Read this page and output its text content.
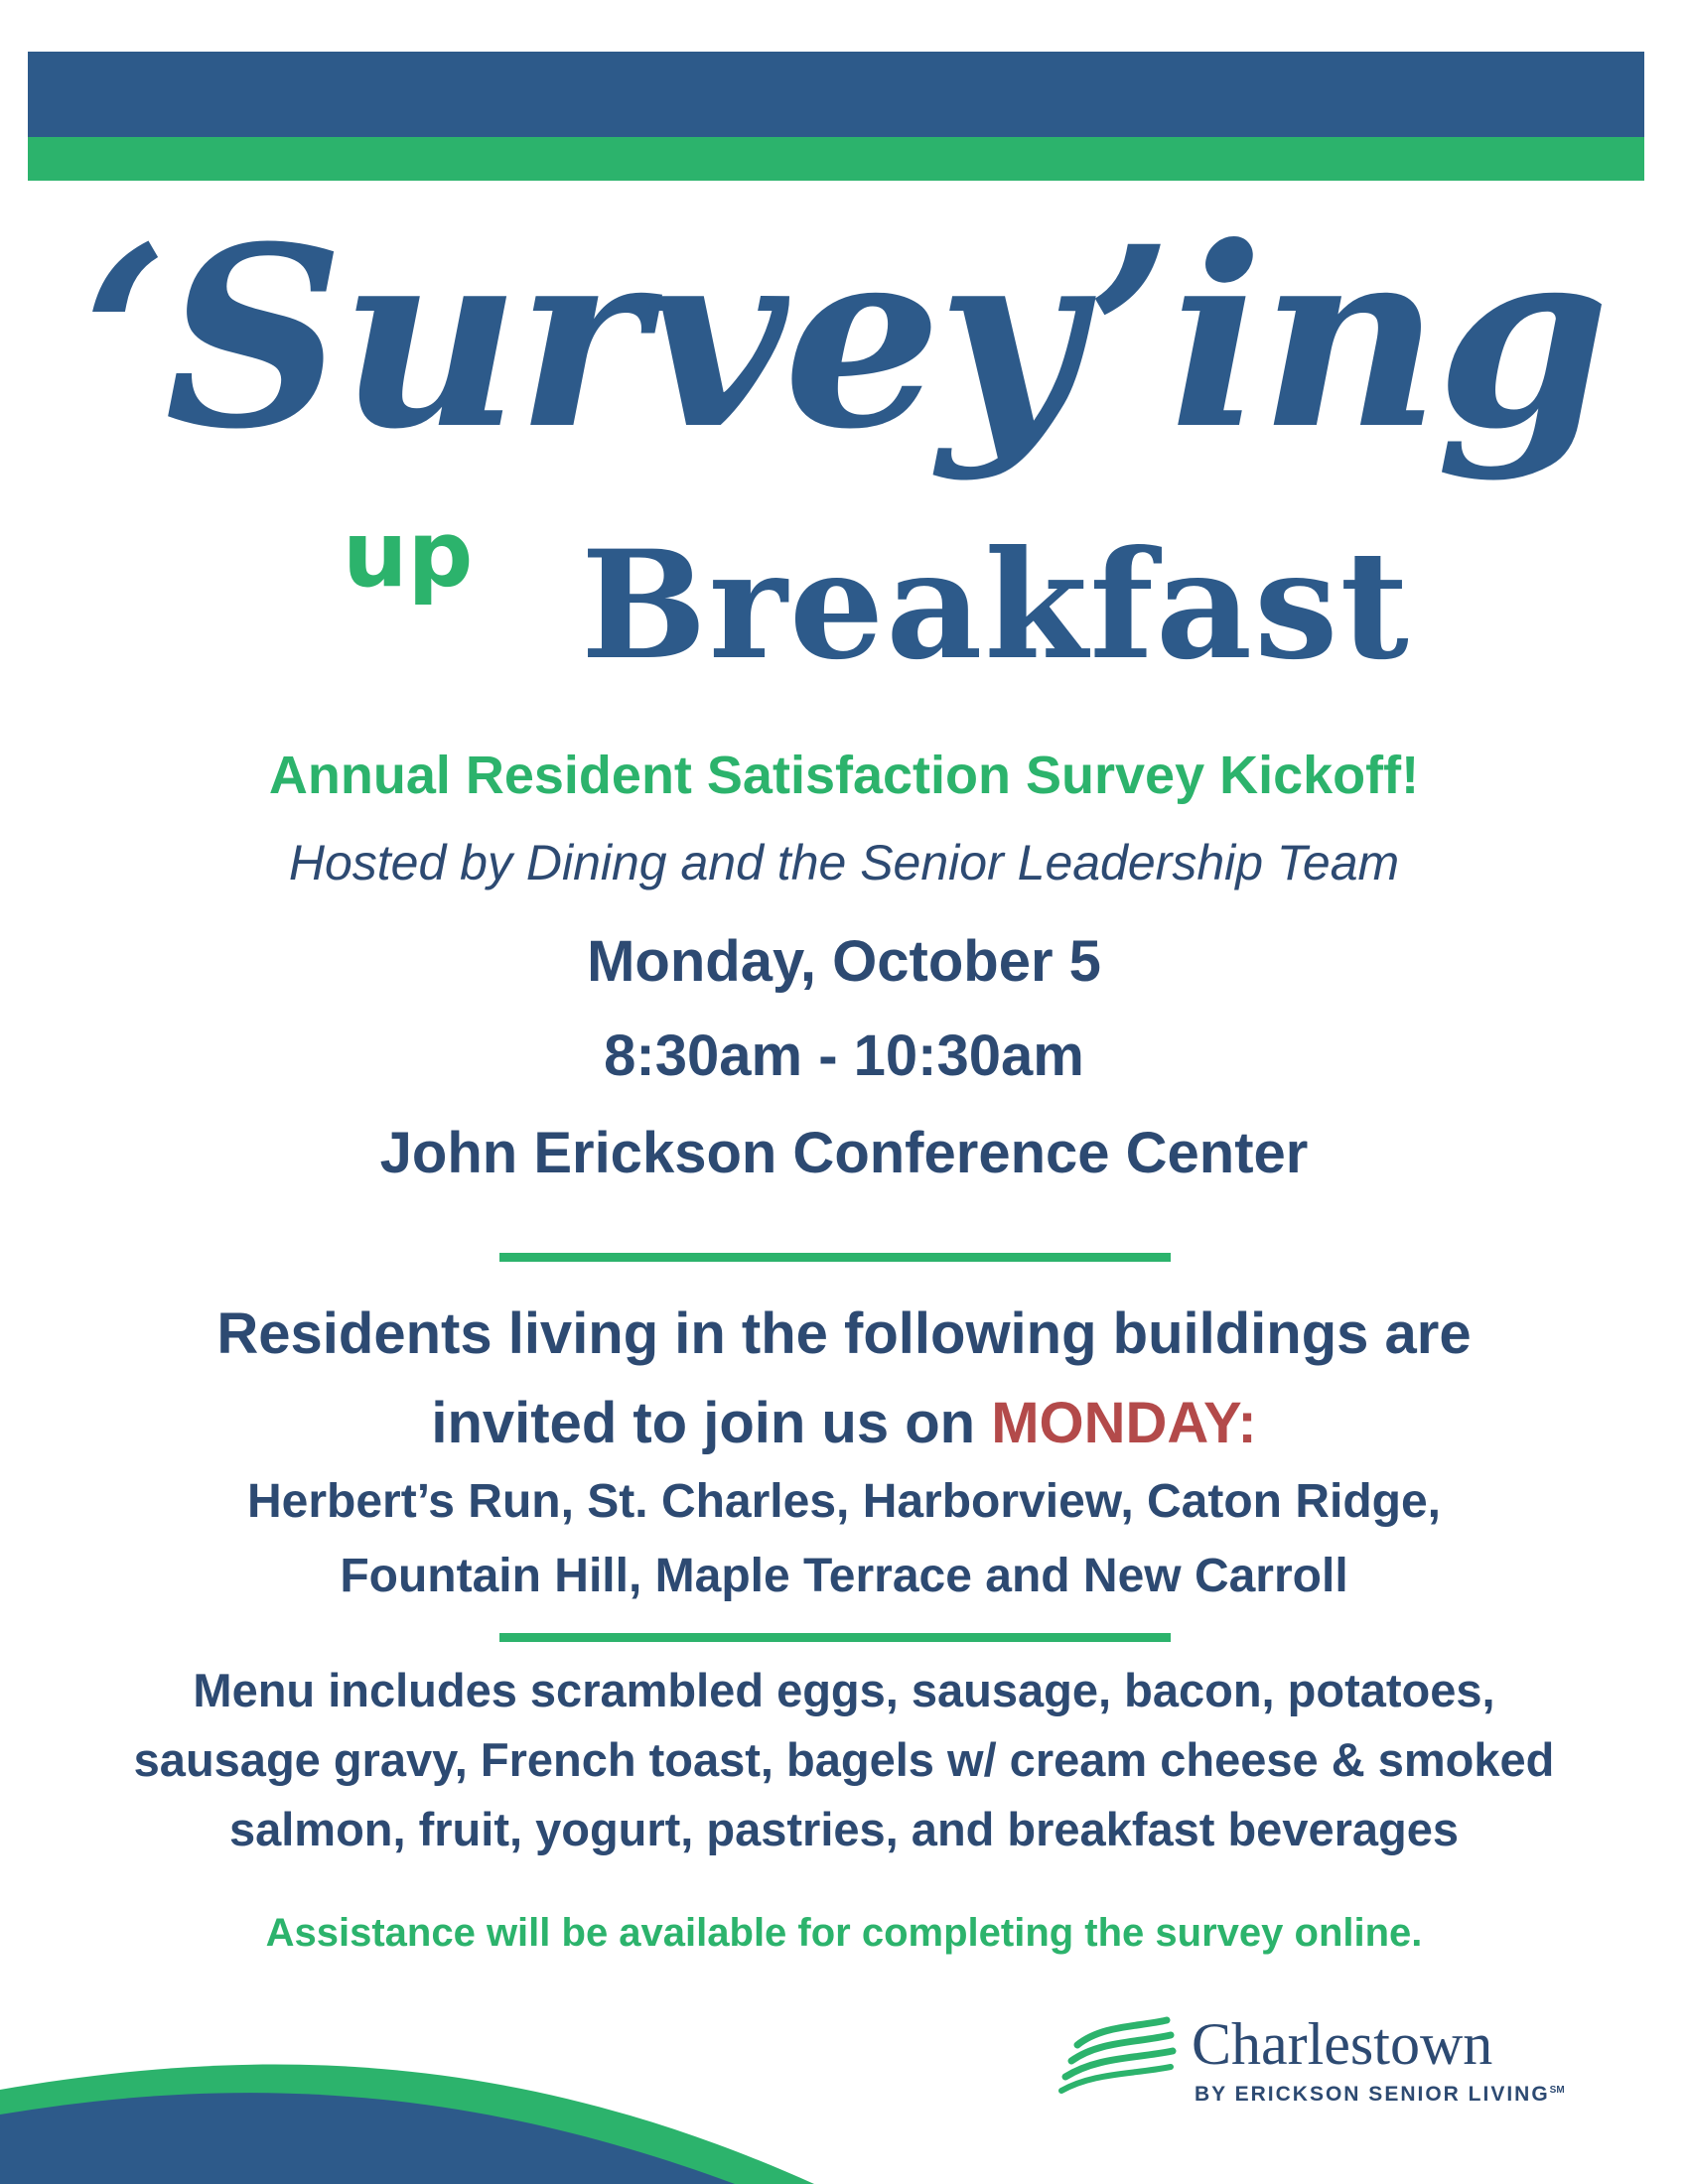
‘Survey’ing
up Breakfast
Annual Resident Satisfaction Survey Kickoff!
Hosted by Dining and the Senior Leadership Team
Monday, October 5
8:30am - 10:30am
John Erickson Conference Center
Residents living in the following buildings are
invited to join us on MONDAY:
Herbert’s Run, St. Charles, Harborview, Caton Ridge,
Fountain Hill, Maple Terrace and New Carroll
Menu includes scrambled eggs, sausage, bacon, potatoes,
sausage gravy, French toast, bagels w/ cream cheese & smoked
salmon, fruit, yogurt, pastries, and breakfast beverages
Assistance will be available for completing the survey online.
Charlestown
BY ERICKSON SENIOR LIVING℠
